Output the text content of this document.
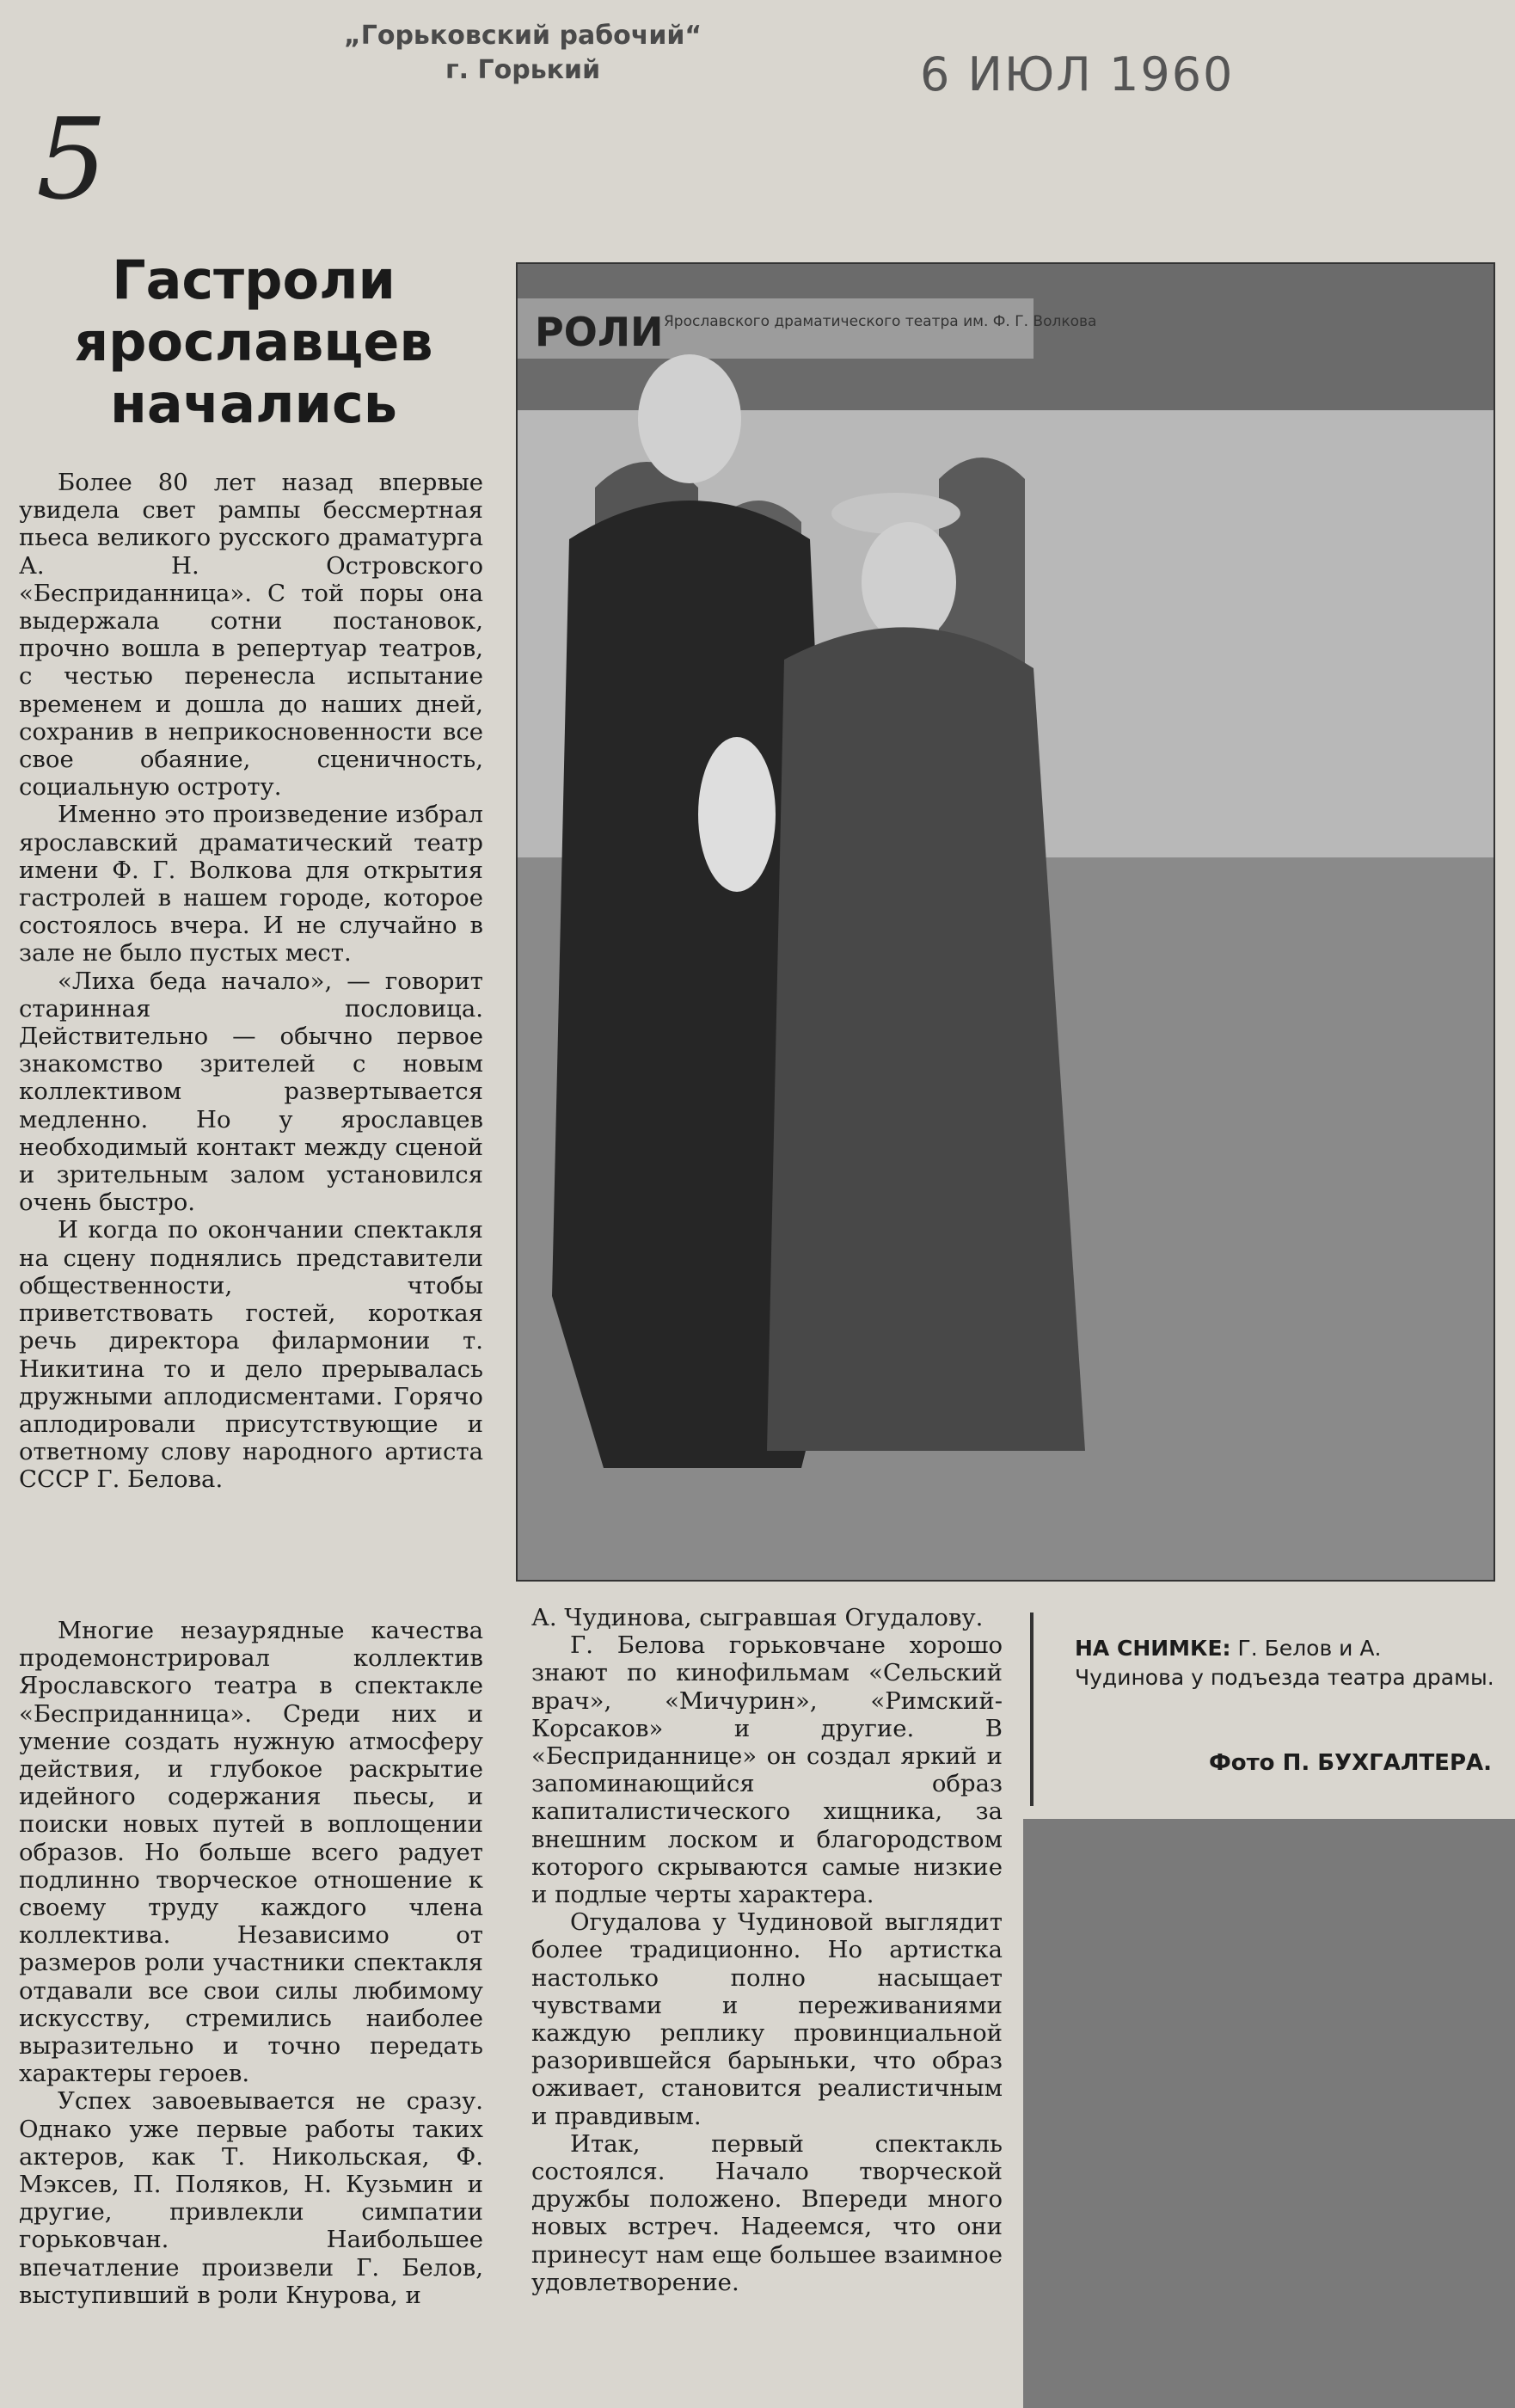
„Горьковский рабочий“
г. Горький	6 ИЮЛ 1960
5
Гастроли ярославцев начались

Более 80 лет назад впервые увидела свет рампы бессмертная пьеса великого русского драматурга А. Н. Островского «Бесприданница». С той поры она выдержала сотни постановок, прочно вошла в репертуар театров, с честью перенесла испытание временем и дошла до наших дней, сохранив в неприкосновенности все свое обаяние, сценичность, социальную остроту.

Именно это произведение избрал ярославский драматический театр имени Ф. Г. Волкова для открытия гастролей в нашем городе, которое состоялось вчера. И не случайно в зале не было пустых мест.

«Лиха беда начало», — говорит старинная пословица. Действительно — обычно первое знакомство зрителей с новым коллективом развертывается медленно. Но у ярославцев необходимый контакт между сценой и зрительным залом установился очень быстро.

И когда по окончании спектакля на сцену поднялись представители общественности, чтобы приветствовать гостей, короткая речь директора филармонии т. Никитина то и дело прерывалась дружными аплодисментами. Горячо аплодировали присутствующие и ответному слову народного артиста СССР Г. Белова.

РОЛИ Ярославского драматического театра им. Ф. Г. Волкова

Многие незаурядные качества продемонстрировал коллектив Ярославского театра в спектакле «Бесприданница». Среди них и умение создать нужную атмосферу действия, и глубокое раскрытие идейного содержания пьесы, и поиски новых путей в воплощении образов. Но больше всего радует подлинно творческое отношение к своему труду каждого члена коллектива. Независимо от размеров роли участники спектакля отдавали все свои силы любимому искусству, стремились наиболее выразительно и точно передать характеры героев.

Успех завоевывается не сразу. Однако уже первые работы таких актеров, как Т. Никольская, Ф. Мэксев, П. Поляков, Н. Кузьмин и другие, привлекли симпатии горьковчан. Наибольшее впечатление произвели Г. Белов, выступивший в роли Кнурова, и

А. Чудинова, сыгравшая Огудалову.

Г. Белова горьковчане хорошо знают по кинофильмам «Сельский врач», «Мичурин», «Римский-Корсаков» и другие. В «Бесприданнице» он создал яркий и запоминающийся образ капиталистического хищника, за внешним лоском и благородством которого скрываются самые низкие и подлые черты характера.

Огудалова у Чудиновой выглядит более традиционно. Но артистка настолько полно насыщает чувствами и переживаниями каждую реплику провинциальной разорившейся барыньки, что образ оживает, становится реалистичным и правдивым.

Итак, первый спектакль состоялся. Начало творческой дружбы положено. Впереди много новых встреч. Надеемся, что они принесут нам еще большее взаимное удовлетворение.

НА СНИМКЕ: Г. Белов и А. Чудинова у подъезда театра драмы.
Фото П. БУХГАЛТЕРА.
